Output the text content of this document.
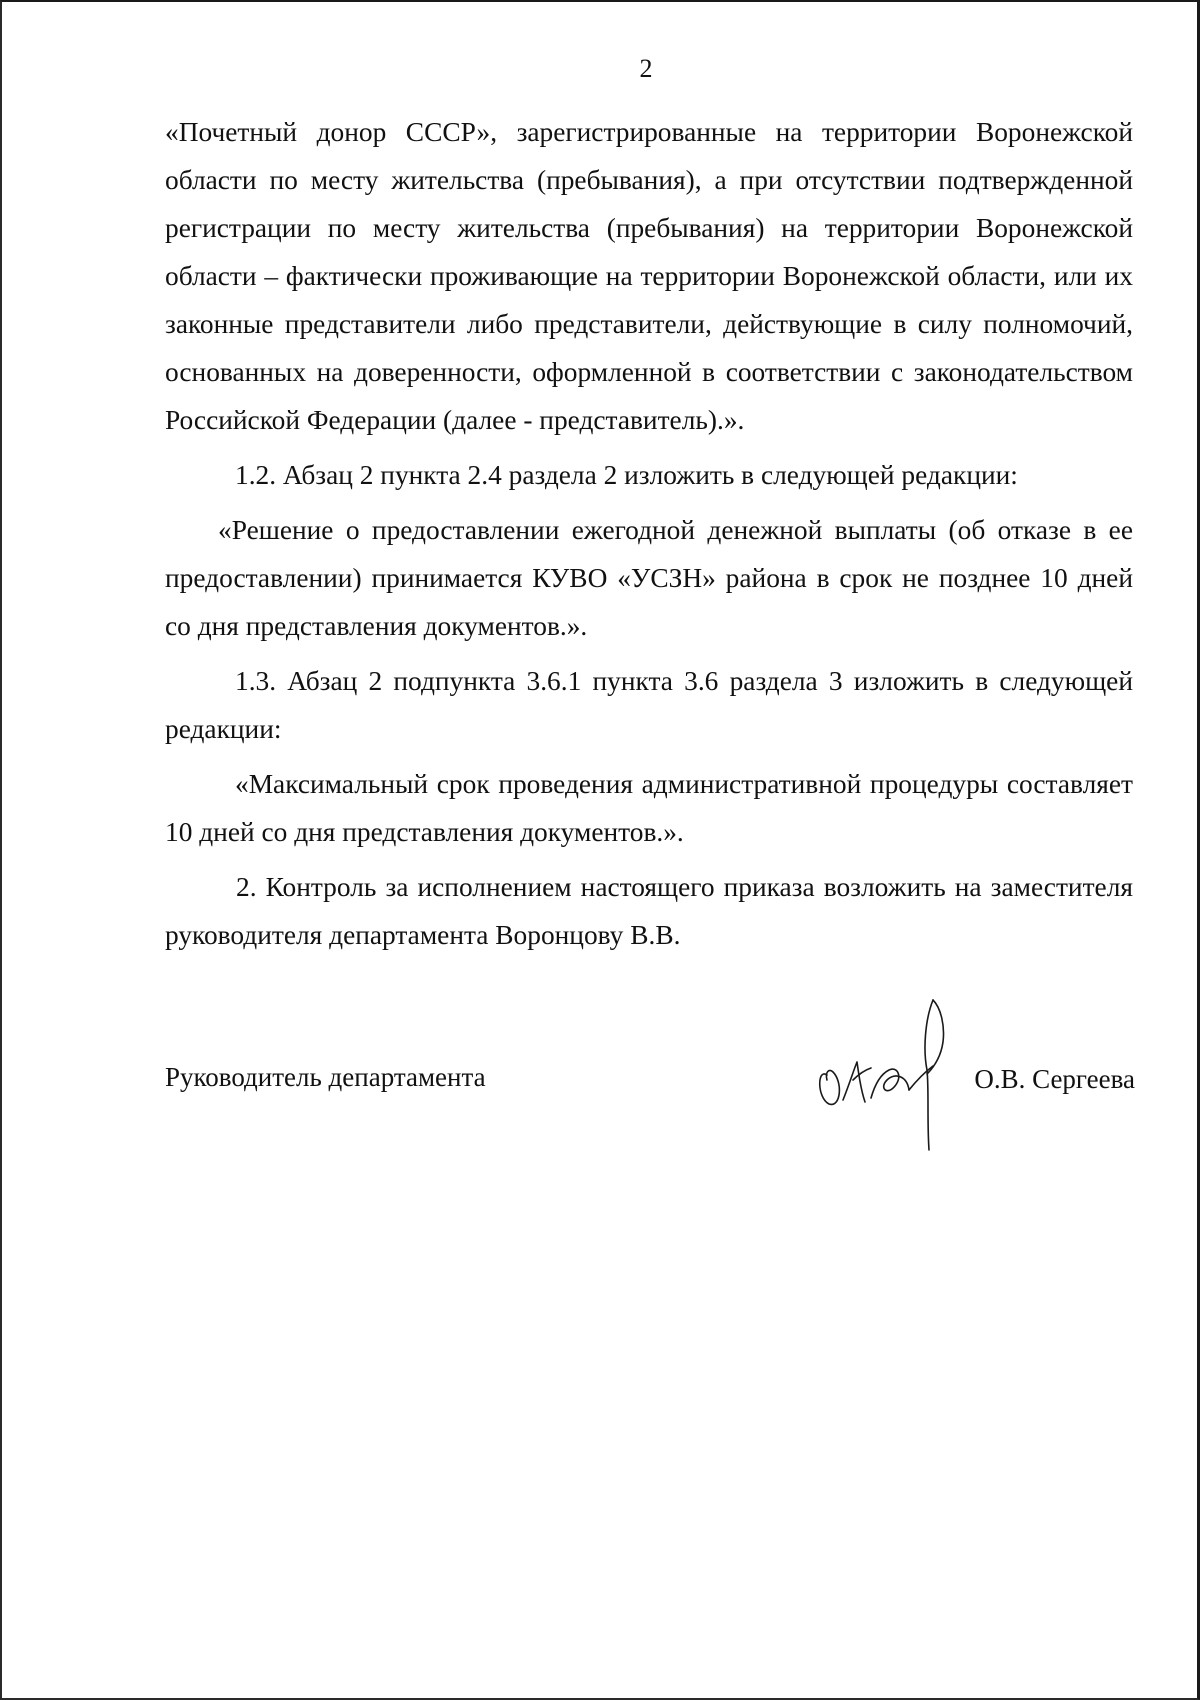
2

«Почетный донор СССР», зарегистрированные на территории Воронежской области по месту жительства (пребывания), а при отсутствии подтвержденной регистрации по месту жительства (пребывания) на территории Воронежской области – фактически проживающие на территории Воронежской области, или их законные представители либо представители, действующие в силу полномочий, основанных на доверенности, оформленной в соответствии с законодательством Российской Федерации (далее - представитель).».

1.2. Абзац 2 пункта 2.4 раздела 2 изложить в следующей редакции:

«Решение о предоставлении ежегодной денежной выплаты (об отказе в ее предоставлении) принимается КУВО «УСЗН» района в срок не позднее 10 дней со дня представления документов.».

1.3. Абзац 2 подпункта 3.6.1 пункта 3.6 раздела 3 изложить в следующей редакции:

«Максимальный срок проведения административной процедуры составляет 10 дней со дня представления документов.».

2. Контроль за исполнением настоящего приказа возложить на заместителя руководителя департамента Воронцову В.В.

Руководитель департамента	О.В. Сергеева
